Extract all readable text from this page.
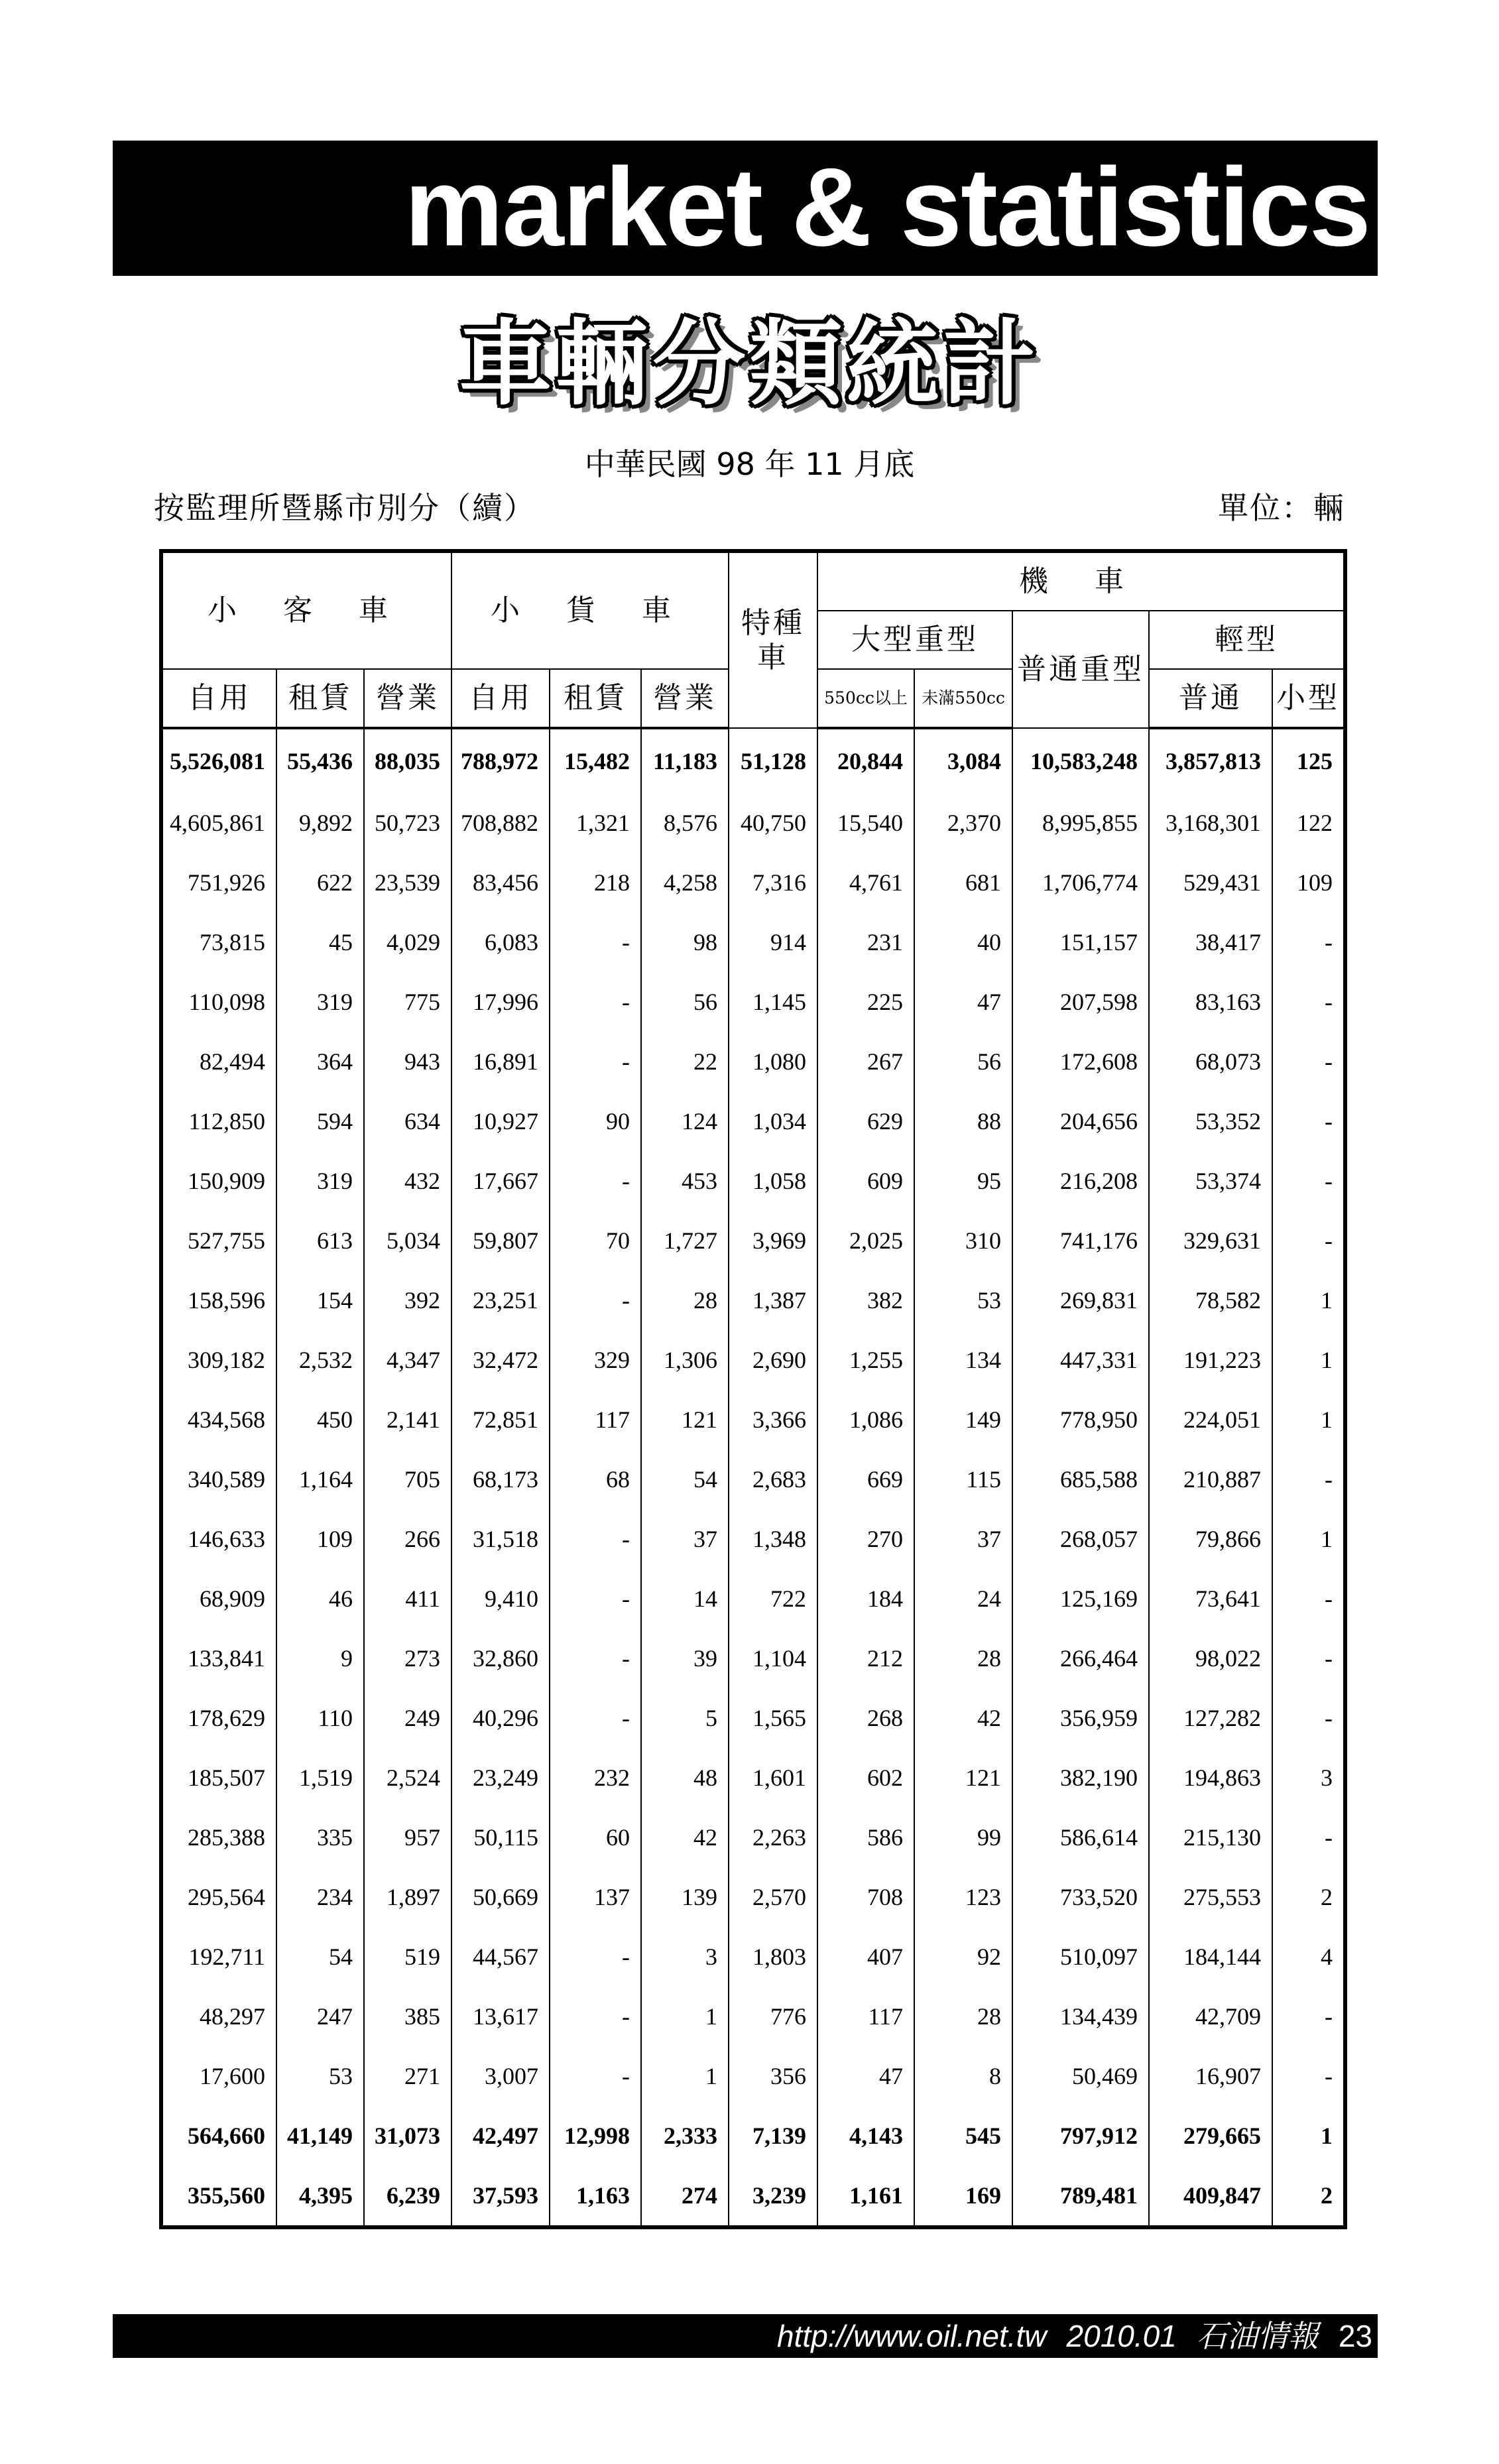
market & statistics
車輛分類統計
中華民國 98 年 11 月底
按監理所暨縣市別分（續）	單位：輛
小 客 車			小 貨 車			特種車	機 車				
							大型重型		普通重型	輕型	
自用	租賃	營業	自用	租賃	營業		550cc以上	未滿550cc		普通	小型
5,526,081	55,436	88,035	788,972	15,482	11,183	51,128	20,844	3,084	10,583,248	3,857,813	125
4,605,861	9,892	50,723	708,882	1,321	8,576	40,750	15,540	2,370	8,995,855	3,168,301	122
751,926	622	23,539	83,456	218	4,258	7,316	4,761	681	1,706,774	529,431	109
73,815	45	4,029	6,083	-	98	914	231	40	151,157	38,417	-
110,098	319	775	17,996	-	56	1,145	225	47	207,598	83,163	-
82,494	364	943	16,891	-	22	1,080	267	56	172,608	68,073	-
112,850	594	634	10,927	90	124	1,034	629	88	204,656	53,352	-
150,909	319	432	17,667	-	453	1,058	609	95	216,208	53,374	-
527,755	613	5,034	59,807	70	1,727	3,969	2,025	310	741,176	329,631	-
158,596	154	392	23,251	-	28	1,387	382	53	269,831	78,582	1
309,182	2,532	4,347	32,472	329	1,306	2,690	1,255	134	447,331	191,223	1
434,568	450	2,141	72,851	117	121	3,366	1,086	149	778,950	224,051	1
340,589	1,164	705	68,173	68	54	2,683	669	115	685,588	210,887	-
146,633	109	266	31,518	-	37	1,348	270	37	268,057	79,866	1
68,909	46	411	9,410	-	14	722	184	24	125,169	73,641	-
133,841	9	273	32,860	-	39	1,104	212	28	266,464	98,022	-
178,629	110	249	40,296	-	5	1,565	268	42	356,959	127,282	-
185,507	1,519	2,524	23,249	232	48	1,601	602	121	382,190	194,863	3
285,388	335	957	50,115	60	42	2,263	586	99	586,614	215,130	-
295,564	234	1,897	50,669	137	139	2,570	708	123	733,520	275,553	2
192,711	54	519	44,567	-	3	1,803	407	92	510,097	184,144	4
48,297	247	385	13,617	-	1	776	117	28	134,439	42,709	-
17,600	53	271	3,007	-	1	356	47	8	50,469	16,907	-
564,660	41,149	31,073	42,497	12,998	2,333	7,139	4,143	545	797,912	279,665	1
355,560	4,395	6,239	37,593	1,163	274	3,239	1,161	169	789,481	409,847	2
http://www.oil.net.tw 2010.01 石油情報 23
